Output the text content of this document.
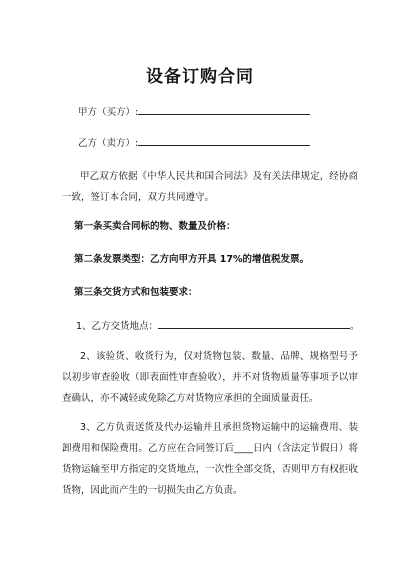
设备订购合同
甲方（买方）:
乙方（卖方）:
甲乙双方依据《中华人民共和国合同法》及有关法律规定，经协商一致，签订本合同，双方共同遵守。
第一条买卖合同标的物、数量及价格：
第二条发票类型：乙方向甲方开具 17%的增值税发票。
第三条交货方式和包装要求：
1、乙方交货地点：	。
2、该验货、收货行为，仅对货物包装、数量、品牌、规格型号予以初步审查验收（即表面性审查验收），并不对货物质量等事项予以审查确认，亦不减轻或免除乙方对货物应承担的全面质量责任。
3、乙方负责送货及代办运输并且承担货物运输中的运输费用、装卸费用和保险费用。乙方应在合同签订后____日内（含法定节假日）将货物运输至甲方指定的交货地点，一次性全部交货，否则甲方有权拒收货物，因此而产生的一切损失由乙方负责。
